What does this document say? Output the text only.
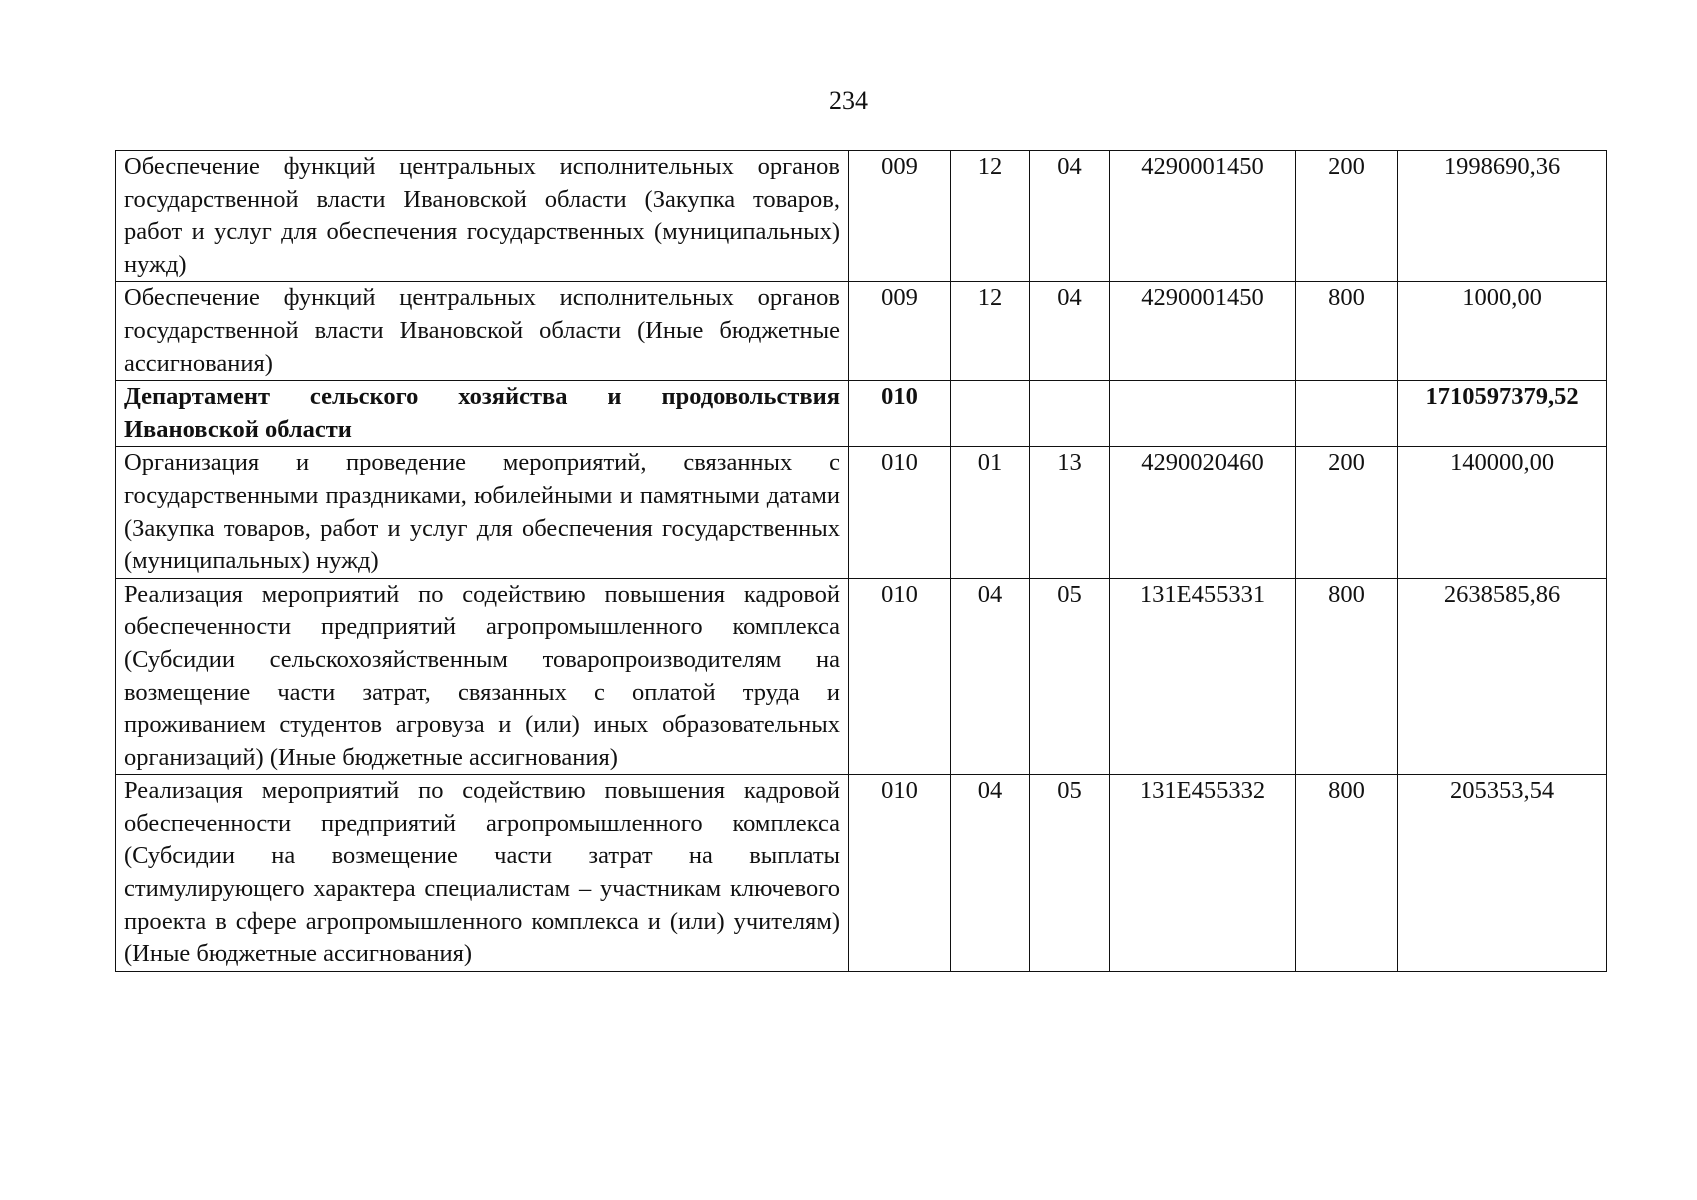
234
Обеспечение функций центральных исполнительных органов государственной власти Ивановской области (Закупка товаров, работ и услуг для обеспечения государственных (муниципальных) нужд)	009	12	04	4290001450	200	1998690,36
Обеспечение функций центральных исполнительных органов государственной власти Ивановской области (Иные бюджетные ассигнования)	009	12	04	4290001450	800	1000,00
Департамент сельского хозяйства и продовольствия Ивановской области	010					1710597379,52
Организация и проведение мероприятий, связанных с государственными праздниками, юбилейными и памятными датами (Закупка товаров, работ и услуг для обеспечения государственных (муниципальных) нужд)	010	01	13	4290020460	200	140000,00
Реализация мероприятий по содействию повышения кадровой обеспеченности предприятий агропромышленного комплекса (Субсидии сельскохозяйственным товаропроизводителям на возмещение части затрат, связанных с оплатой труда и проживанием студентов агровуза и (или) иных образовательных организаций) (Иные бюджетные ассигнования)	010	04	05	131E455331	800	2638585,86
Реализация мероприятий по содействию повышения кадровой обеспеченности предприятий агропромышленного комплекса (Субсидии на возмещение части затрат на выплаты стимулирующего характера специалистам – участникам ключевого проекта в сфере агропромышленного комплекса и (или) учителям) (Иные бюджетные ассигнования)	010	04	05	131E455332	800	205353,54
